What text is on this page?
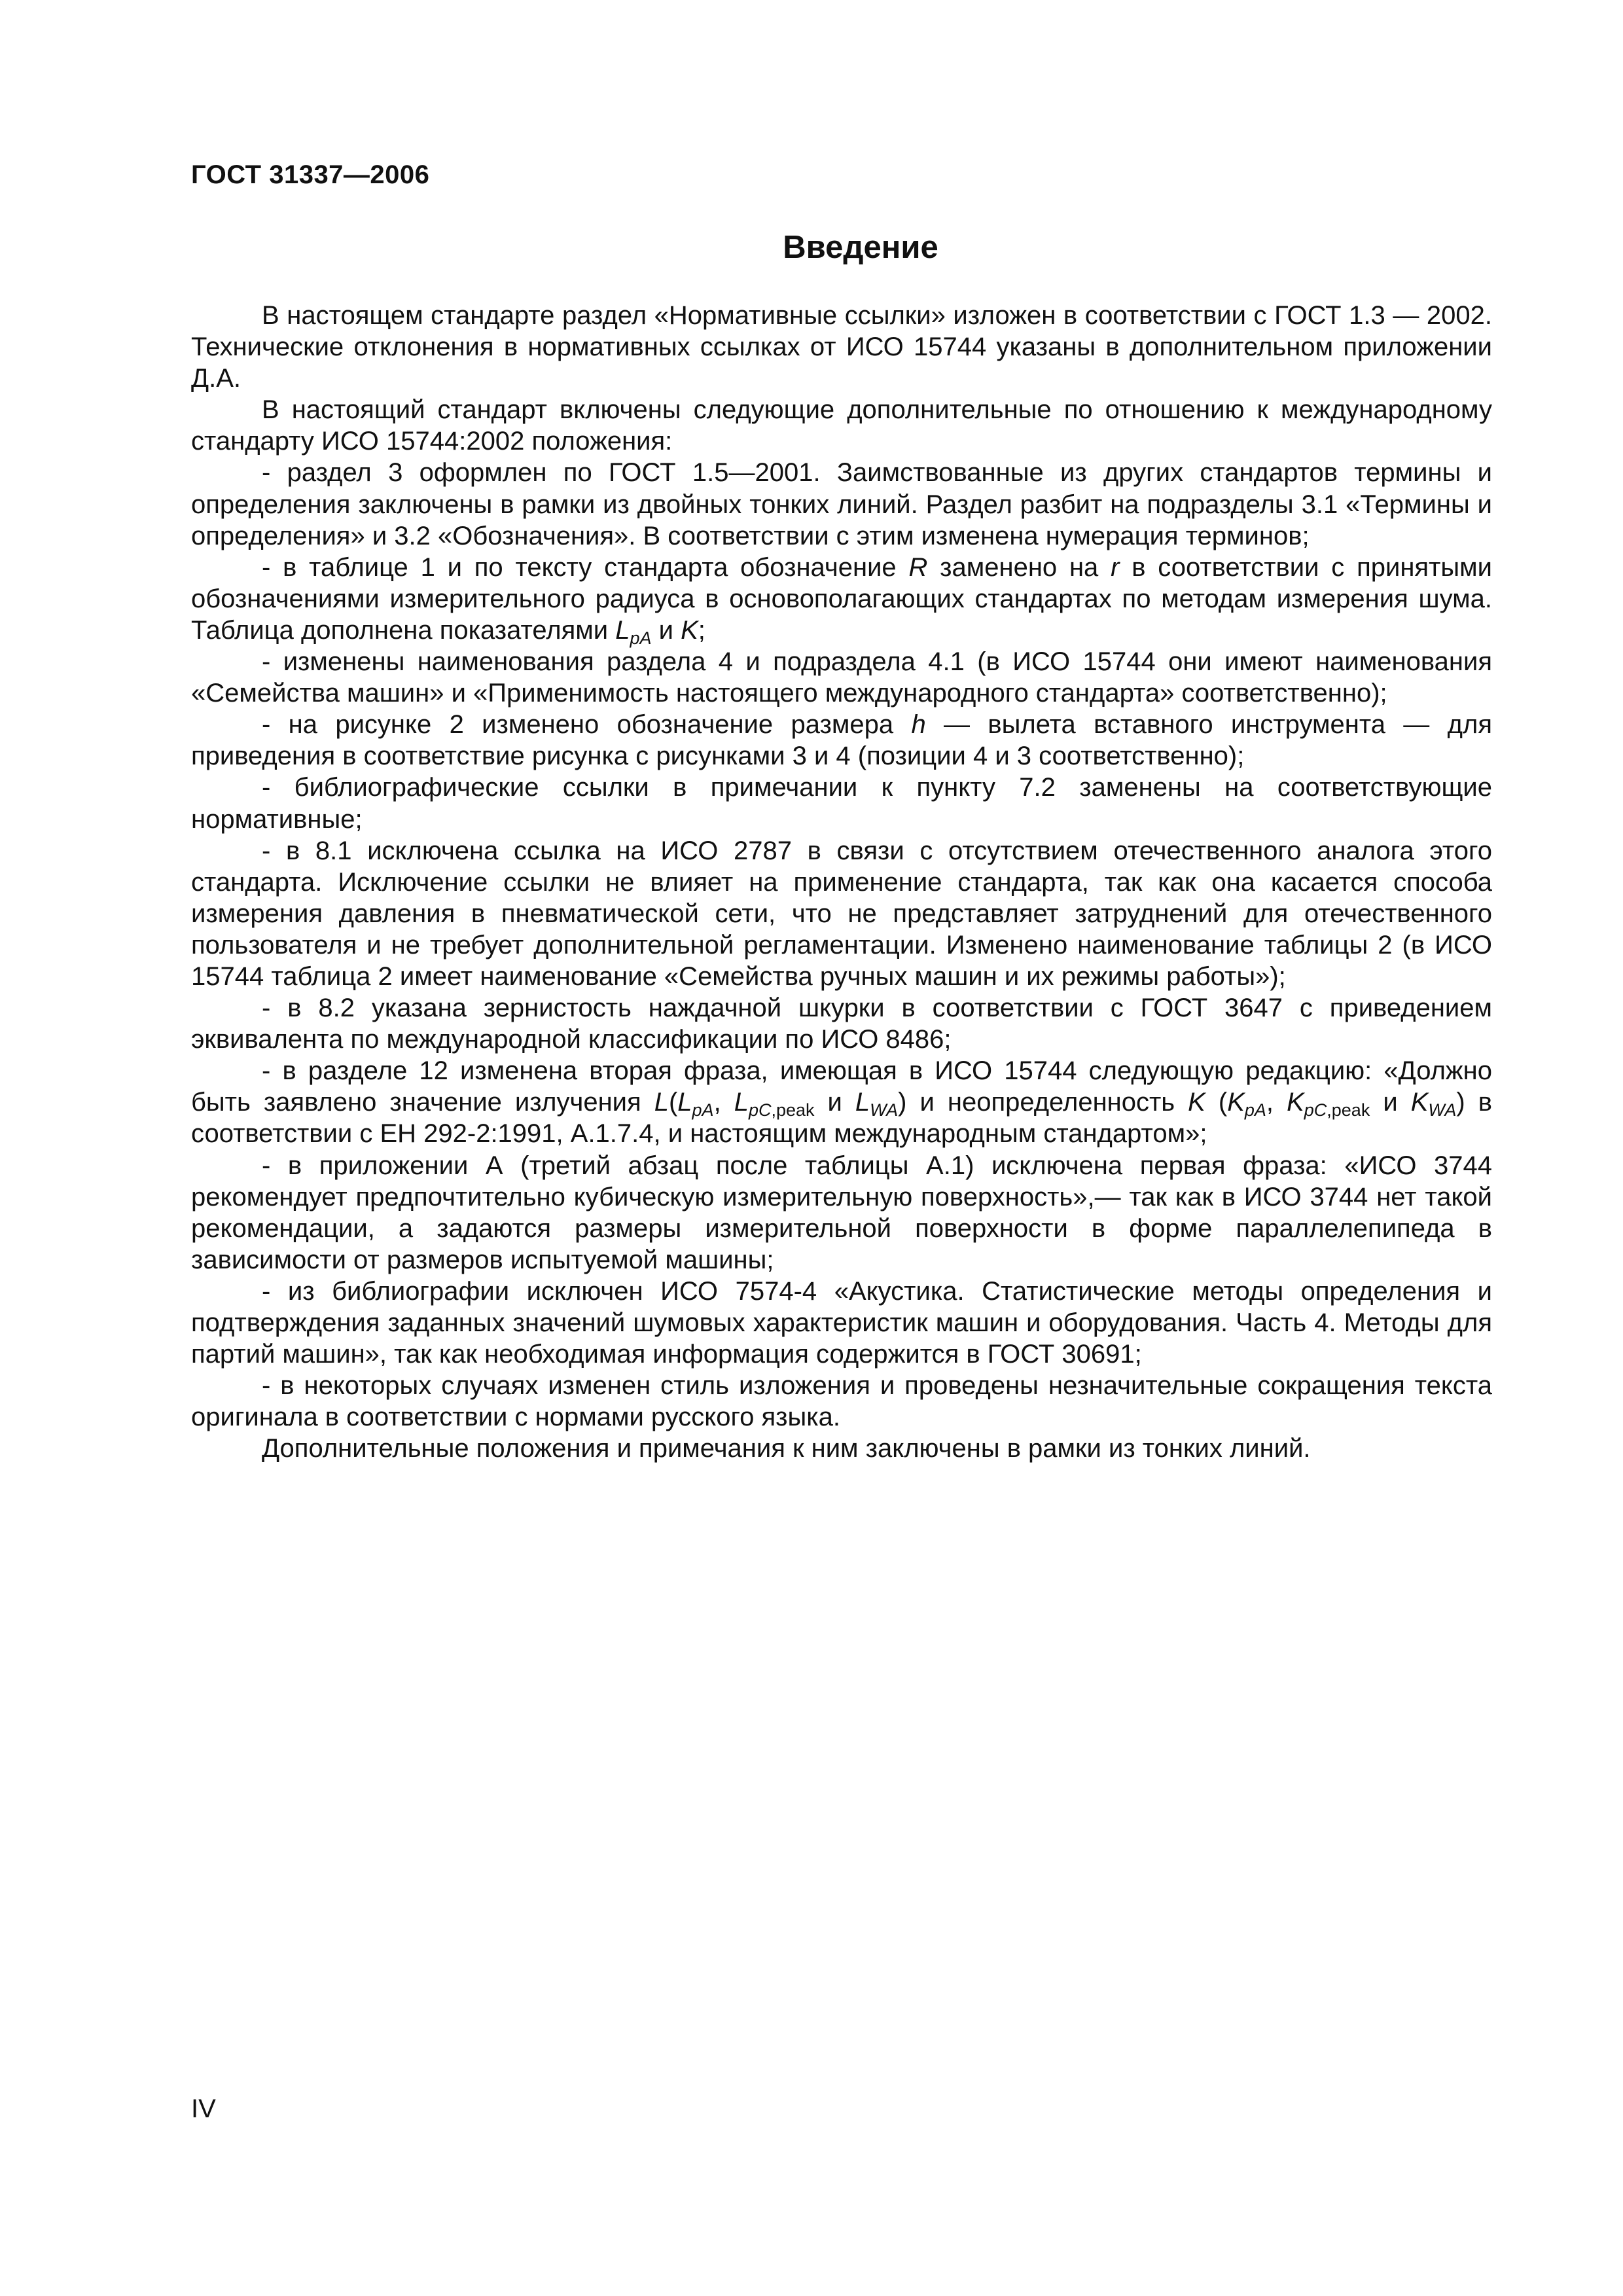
ГОСТ 31337—2006
Введение

В настоящем стандарте раздел «Нормативные ссылки» изложен в соответствии с ГОСТ 1.3 — 2002. Технические отклонения в нормативных ссылках от ИСО 15744 указаны в дополнительном приложении Д.А.

В настоящий стандарт включены следующие дополнительные по отношению к международному стандарту ИСО 15744:2002 положения:

- раздел 3 оформлен по ГОСТ 1.5—2001. Заимствованные из других стандартов термины и определения заключены в рамки из двойных тонких линий. Раздел разбит на подразделы 3.1 «Термины и определения» и 3.2 «Обозначения». В соответствии с этим изменена нумерация терминов;

- в таблице 1 и по тексту стандарта обозначение R заменено на r в соответствии с принятыми обозначениями измерительного радиуса в основополагающих стандартах по методам измерения шума. Таблица дополнена показателями $L_{pA}$ и K;

- изменены наименования раздела 4 и подраздела 4.1 (в ИСО 15744 они имеют наименования «Семейства машин» и «Применимость настоящего международного стандарта» соответственно);

- на рисунке 2 изменено обозначение размера h — вылета вставного инструмента — для приведения в соответствие рисунка с рисунками 3 и 4 (позиции 4 и 3 соответственно);

- библиографические ссылки в примечании к пункту 7.2 заменены на соответствующие нормативные;

- в 8.1 исключена ссылка на ИСО 2787 в связи с отсутствием отечественного аналога этого стандарта. Исключение ссылки не влияет на применение стандарта, так как она касается способа измерения давления в пневматической сети, что не представляет затруднений для отечественного пользователя и не требует дополнительной регламентации. Изменено наименование таблицы 2 (в ИСО 15744 таблица 2 имеет наименование «Семейства ручных машин и их режимы работы»);

- в 8.2 указана зернистость наждачной шкурки в соответствии с ГОСТ 3647 с приведением эквивалента по международной классификации по ИСО 8486;

- в разделе 12 изменена вторая фраза, имеющая в ИСО 15744 следующую редакцию: «Должно быть заявлено значение излучения $L(L_{pA}$, $L_{pC,peak}$ и $L_{WA}$) и неопределенность K ($K_{pA}$, $K_{pC,peak}$ и $K_{WA}$) в соответствии с ЕН 292-2:1991, А.1.7.4, и настоящим международным стандартом»;

- в приложении А (третий абзац после таблицы А.1) исключена первая фраза: «ИСО 3744 рекомендует предпочтительно кубическую измерительную поверхность»,— так как в ИСО 3744 нет такой рекомендации, а задаются размеры измерительной поверхности в форме параллелепипеда в зависимости от размеров испытуемой машины;

- из библиографии исключен ИСО 7574-4 «Акустика. Статистические методы определения и подтверждения заданных значений шумовых характеристик машин и оборудования. Часть 4. Методы для партий машин», так как необходимая информация содержится в ГОСТ 30691;

- в некоторых случаях изменен стиль изложения и проведены незначительные сокращения текста оригинала в соответствии с нормами русского языка.

Дополнительные положения и примечания к ним заключены в рамки из тонких линий.

IV
